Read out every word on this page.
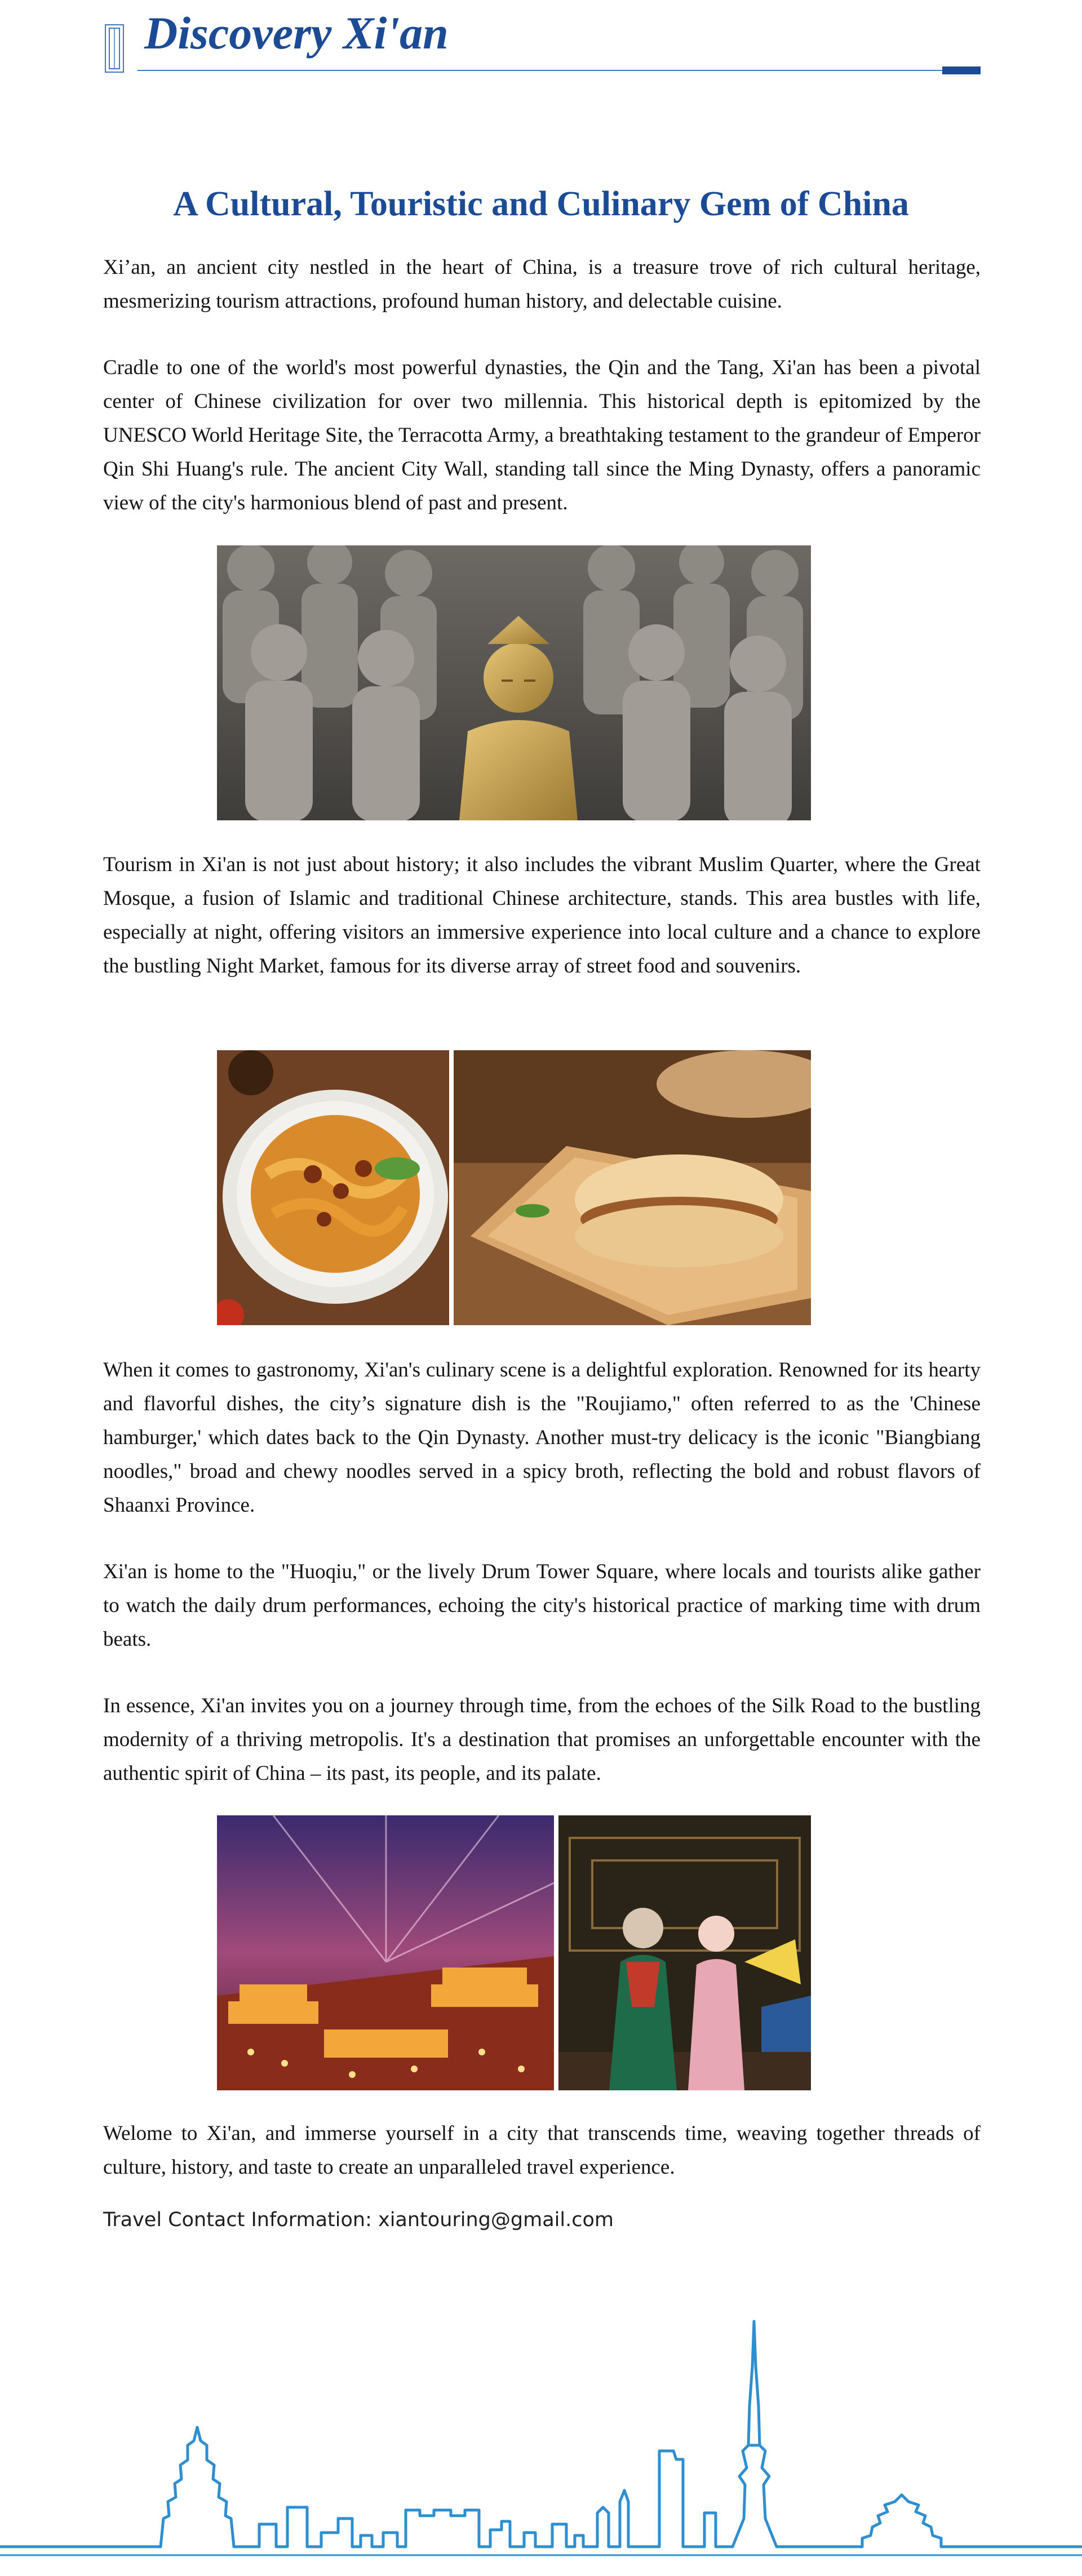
Discovery Xi'an
A Cultural, Touristic and Culinary Gem of China

Xi’an, an ancient city nestled in the heart of China, is a treasure trove of rich cultural heritage, mesmerizing tourism attractions, profound human history, and delectable cuisine.

Cradle to one of the world's most powerful dynasties, the Qin and the Tang, Xi'an has been a pivotal center of Chinese civilization for over two millennia. This historical depth is epitomized by the UNESCO World Heritage Site, the Terracotta Army, a breathtaking testament to the grandeur of Emperor Qin Shi Huang's rule. The ancient City Wall, standing tall since the Ming Dynasty, offers a panoramic view of the city's harmonious blend of past and present.

Tourism in Xi'an is not just about history; it also includes the vibrant Muslim Quarter, where the Great Mosque, a fusion of Islamic and traditional Chinese architecture, stands. This area bustles with life, especially at night, offering visitors an immersive experience into local culture and a chance to explore the bustling Night Market, famous for its diverse array of street food and souvenirs.

When it comes to gastronomy, Xi'an's culinary scene is a delightful exploration. Renowned for its hearty and flavorful dishes, the city’s signature dish is the "Roujiamo," often referred to as the 'Chinese hamburger,' which dates back to the Qin Dynasty. Another must-try delicacy is the iconic "Biangbiang noodles," broad and chewy noodles served in a spicy broth, reflecting the bold and robust flavors of Shaanxi Province.

Xi'an is home to the "Huoqiu," or the lively Drum Tower Square, where locals and tourists alike gather to watch the daily drum performances, echoing the city's historical practice of marking time with drum beats.

In essence, Xi'an invites you on a journey through time, from the echoes of the Silk Road to the bustling modernity of a thriving metropolis. It's a destination that promises an unforgettable encounter with the authentic spirit of China – its past, its people, and its palate.

Welome to Xi'an, and immerse yourself in a city that transcends time, weaving together threads of culture, history, and taste to create an unparalleled travel experience.

Travel Contact Information: xiantouring@gmail.com
